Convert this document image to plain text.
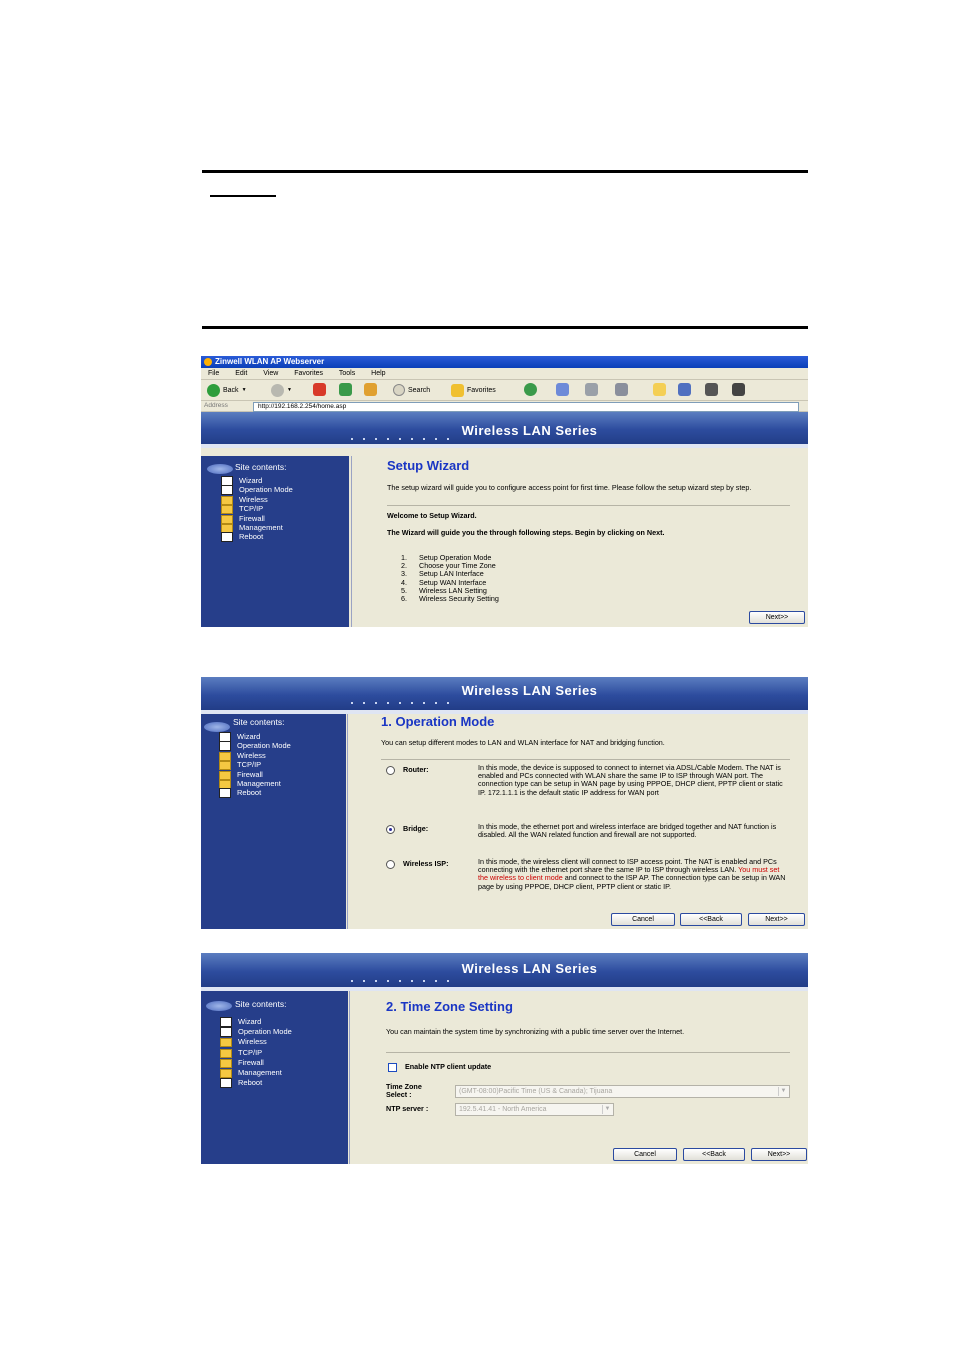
Zinwell WLAN AP Webserver
File Edit View Favorites Tools Help
Back ▼	▼	Search	Favorites
Address	http://192.168.2.254/home.asp
Wireless LAN Series
Site contents:
Wizard
Operation Mode
Wireless
TCP/IP
Firewall
Management
Reboot
Setup Wizard
The setup wizard will guide you to configure access point for first time. Please follow the setup wizard step by step.
Welcome to Setup Wizard.
The Wizard will guide you the through following steps. Begin by clicking on Next.
1. Setup Operation Mode
2. Choose your Time Zone
3. Setup LAN Interface
4. Setup WAN Interface
5. Wireless LAN Setting
6. Wireless Security Setting
Next>>
Wireless LAN Series
Site contents:
Wizard
Operation Mode
Wireless
TCP/IP
Firewall
Management
Reboot
1. Operation Mode
You can setup different modes to LAN and WLAN interface for NAT and bridging function.
Router:	In this mode, the device is supposed to connect to internet via ADSL/Cable Modem. The NAT is enabled and PCs connected with WLAN share the same IP to ISP through WAN port. The connection type can be setup in WAN page by using PPPOE, DHCP client, PPTP client or static IP. 172.1.1.1 is the default static IP address for WAN port
Bridge:	In this mode, the ethernet port and wireless interface are bridged together and NAT function is disabled. All the WAN related function and firewall are not supported.
Wireless ISP:	In this mode, the wireless client will connect to ISP access point. The NAT is enabled and PCs connecting with the ethernet port share the same IP to ISP through wireless LAN. You must set the wireless to client mode and connect to the ISP AP. The connection type can be setup in WAN page by using PPPOE, DHCP client, PPTP client or static IP.
Cancel	<<Back	Next>>
Wireless LAN Series
Site contents:
Wizard
Operation Mode
Wireless
TCP/IP
Firewall
Management
Reboot
2. Time Zone Setting
You can maintain the system time by synchronizing with a public time server over the Internet.
Enable NTP client update
Time Zone
Select :	(GMT-08:00)Pacific Time (US & Canada); Tijuana	▼
NTP server :	192.5.41.41 - North America	▼
Cancel	<<Back	Next>>
